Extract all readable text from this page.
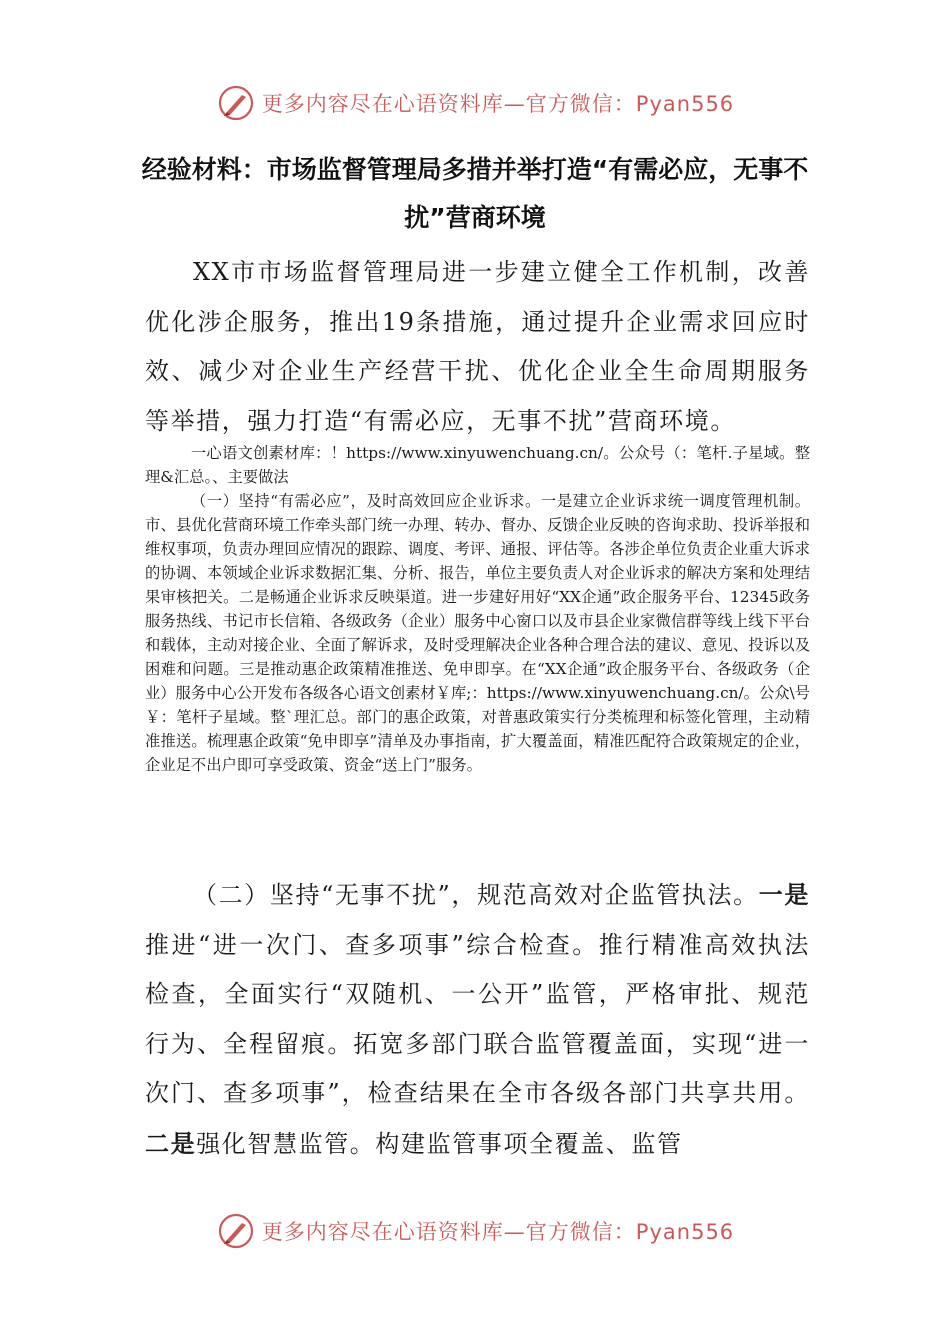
更多内容尽在心语资料库—官方微信：Pyan556
经验材料：市场监督管理局多措并举打造“有需必应，无事不扰”营商环境

XX市市场监督管理局进一步建立健全工作机制，改善优化涉企服务，推出19条措施，通过提升企业需求回应时效、减少对企业生产经营干扰、优化企业全生命周期服务等举措，强力打造“有需必应，无事不扰”营商环境。

一心语文创素材库：！https://www.xinyuwenchuang.cn/。公众号（：笔杆.子星域。整理&汇总。、主要做法

（一）坚持“有需必应”，及时高效回应企业诉求。一是建立企业诉求统一调度管理机制。市、县优化营商环境工作牵头部门统一办理、转办、督办、反馈企业反映的咨询求助、投诉举报和维权事项，负责办理回应情况的跟踪、调度、考评、通报、评估等。各涉企单位负责企业重大诉求的协调、本领域企业诉求数据汇集、分析、报告，单位主要负责人对企业诉求的解决方案和处理结果审核把关。二是畅通企业诉求反映渠道。进一步建好用好“XX企通”政企服务平台、12345政务服务热线、书记市长信箱、各级政务（企业）服务中心窗口以及市县企业家微信群等线上线下平台和载体，主动对接企业、全面了解诉求，及时受理解决企业各种合理合法的建议、意见、投诉以及困难和问题。三是推动惠企政策精准推送、免申即享。在“XX企通”政企服务平台、各级政务（企业）服务中心公开发布各级各心语文创素材￥库;：https://www.xinyuwenchuang.cn/。公众\号￥：笔杆子星域。整`理汇总。部门的惠企政策，对普惠政策实行分类梳理和标签化管理，主动精准推送。梳理惠企政策“免申即享”清单及办事指南，扩大覆盖面，精准匹配符合政策规定的企业，企业足不出户即可享受政策、资金“送上门”服务。

（二）坚持“无事不扰”，规范高效对企监管执法。一是推进“进一次门、查多项事”综合检查。推行精准高效执法检查，全面实行“双随机、一公开”监管，严格审批、规范行为、全程留痕。拓宽多部门联合监管覆盖面，实现“进一次门、查多项事”，检查结果在全市各级各部门共享共用。二是强化智慧监管。构建监管事项全覆盖、监管

更多内容尽在心语资料库—官方微信：Pyan556
